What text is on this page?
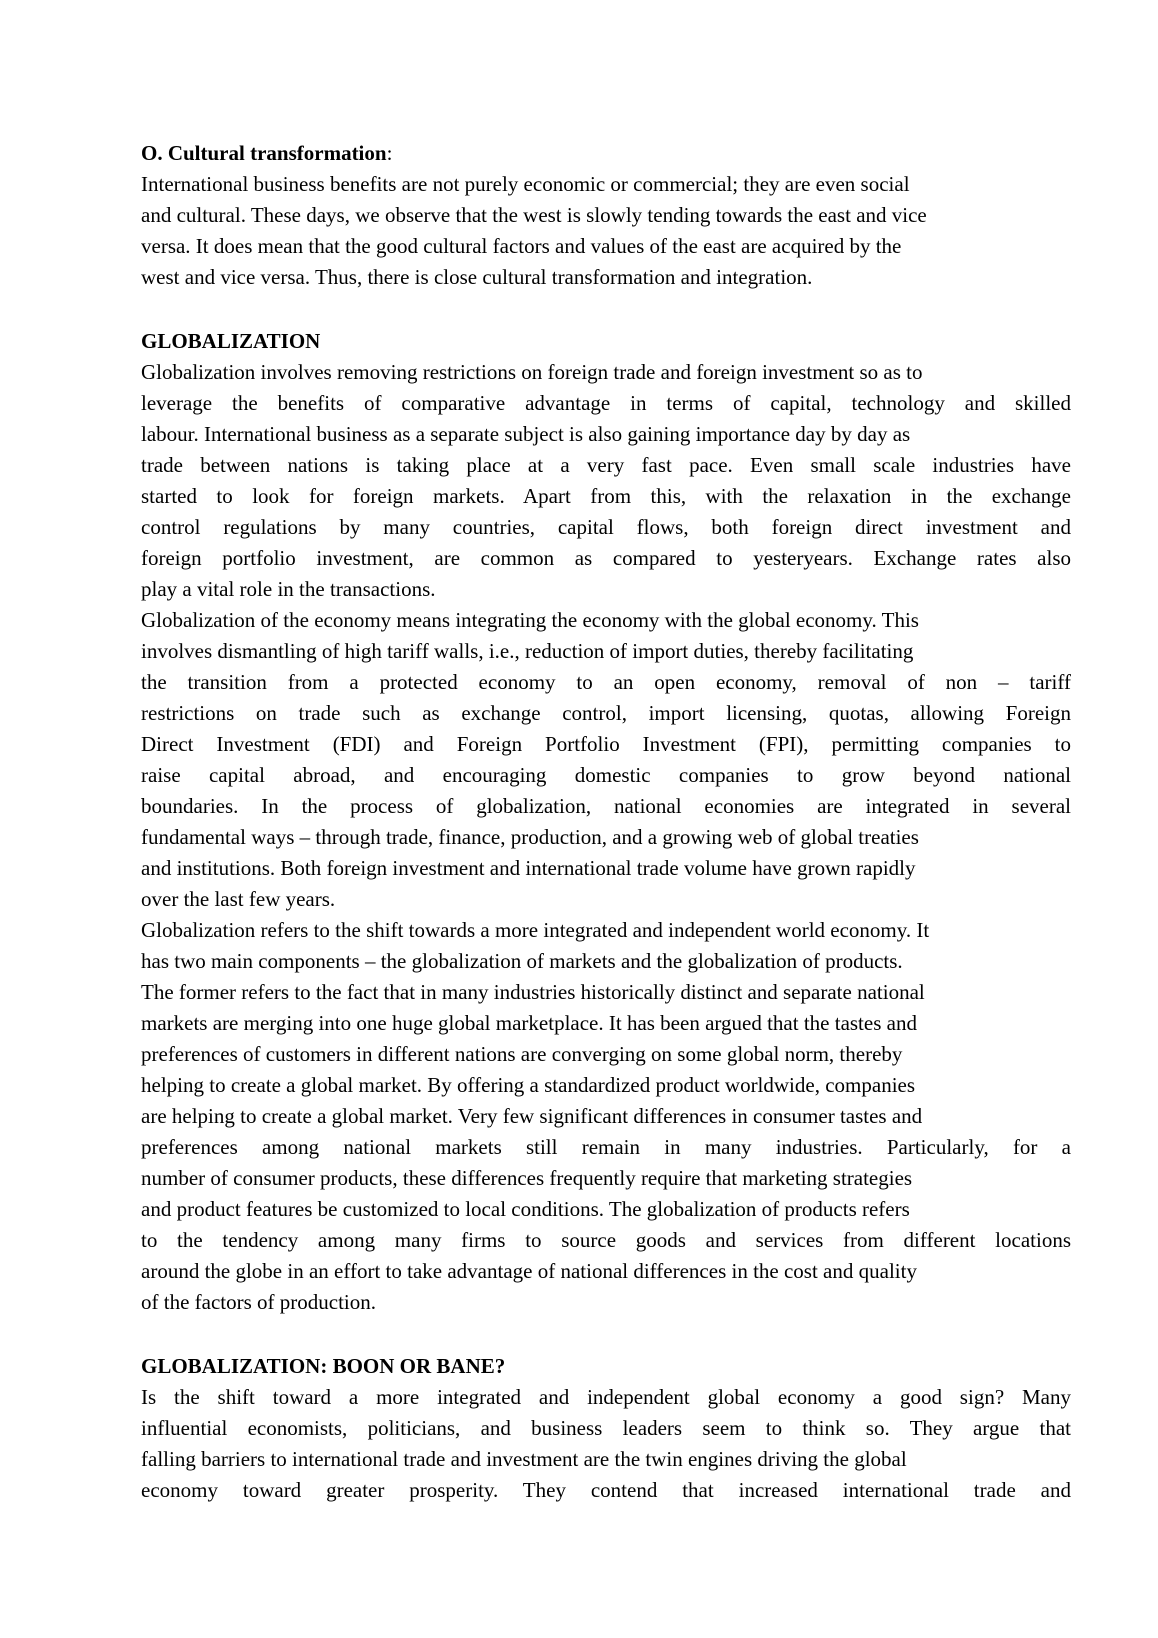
O. Cultural transformation:
International business benefits are not purely economic or commercial; they are even social
and cultural. These days, we observe that the west is slowly tending towards the east and vice
versa. It does mean that the good cultural factors and values of the east are acquired by the
west and vice versa. Thus, there is close cultural transformation and integration.
GLOBALIZATION
Globalization involves removing restrictions on foreign trade and foreign investment so as to
leverage the benefits of comparative advantage in terms of capital, technology and skilled
labour. International business as a separate subject is also gaining importance day by day as
trade between nations is taking place at a very fast pace. Even small scale industries have
started to look for foreign markets. Apart from this, with the relaxation in the exchange
control regulations by many countries, capital flows, both foreign direct investment and
foreign portfolio investment, are common as compared to yesteryears. Exchange rates also
play a vital role in the transactions.
Globalization of the economy means integrating the economy with the global economy. This
involves dismantling of high tariff walls, i.e., reduction of import duties, thereby facilitating
the transition from a protected economy to an open economy, removal of non – tariff
restrictions on trade such as exchange control, import licensing, quotas, allowing Foreign
Direct Investment (FDI) and Foreign Portfolio Investment (FPI), permitting companies to
raise capital abroad, and encouraging domestic companies to grow beyond national
boundaries. In the process of globalization, national economies are integrated in several
fundamental ways – through trade, finance, production, and a growing web of global treaties
and institutions. Both foreign investment and international trade volume have grown rapidly
over the last few years.
Globalization refers to the shift towards a more integrated and independent world economy. It
has two main components – the globalization of markets and the globalization of products.
The former refers to the fact that in many industries historically distinct and separate national
markets are merging into one huge global marketplace. It has been argued that the tastes and
preferences of customers in different nations are converging on some global norm, thereby
helping to create a global market. By offering a standardized product worldwide, companies
are helping to create a global market. Very few significant differences in consumer tastes and
preferences among national markets still remain in many industries. Particularly, for a
number of consumer products, these differences frequently require that marketing strategies
and product features be customized to local conditions. The globalization of products refers
to the tendency among many firms to source goods and services from different locations
around the globe in an effort to take advantage of national differences in the cost and quality
of the factors of production.
GLOBALIZATION: BOON OR BANE?
Is the shift toward a more integrated and independent global economy a good sign? Many
influential economists, politicians, and business leaders seem to think so. They argue that
falling barriers to international trade and investment are the twin engines driving the global
economy toward greater prosperity. They contend that increased international trade and
